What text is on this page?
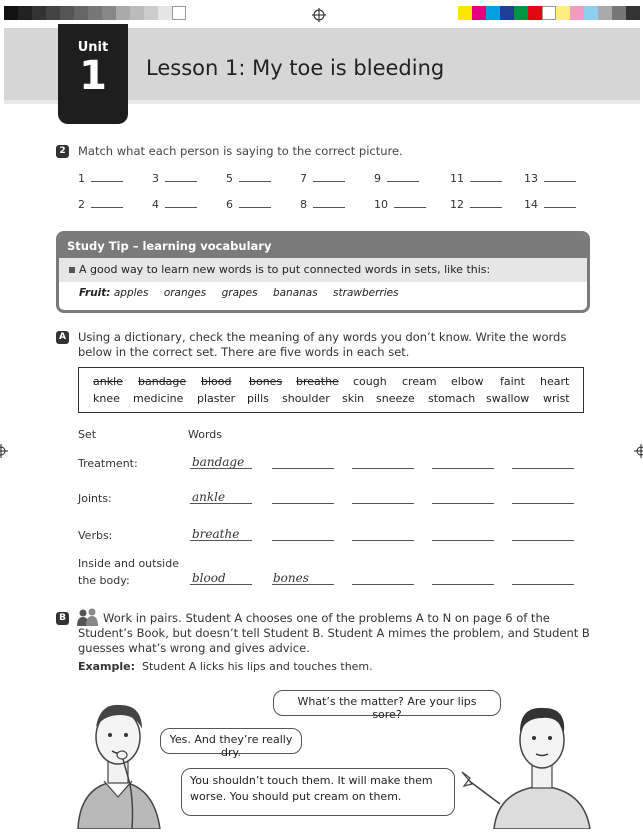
Unit
1	Lesson 1: My toe is bleeding
2 Match what each person is saying to the correct picture.
1	3	5	7	9	11	13
2	4	6	8	10	12	14
Study Tip – learning vocabulary
A good way to learn new words is to put connected words in sets, like this:
Fruit: apples oranges grapes bananas strawberries
A Using a dictionary, check the meaning of any words you don’t know. Write the words
below in the correct set. There are five words in each set.
ankle bandage blood bones breathe cough cream elbow faint heart
knee medicine plaster pills shoulder skin sneeze stomach swallow wrist
Set	Words
Treatment:	bandage
Joints:	ankle
Verbs:	breathe
Inside and outside
the body:	blood	bones
B	Work in pairs. Student A chooses one of the problems A to N on page 6 of the
Student’s Book, but doesn’t tell Student B. Student A mimes the problem, and Student B
guesses what’s wrong and gives advice.
Example: Student A licks his lips and touches them.
What’s the matter? Are your lips sore?
Yes. And they’re really dry.
You shouldn’t touch them. It will make them
worse. You should put cream on them.
